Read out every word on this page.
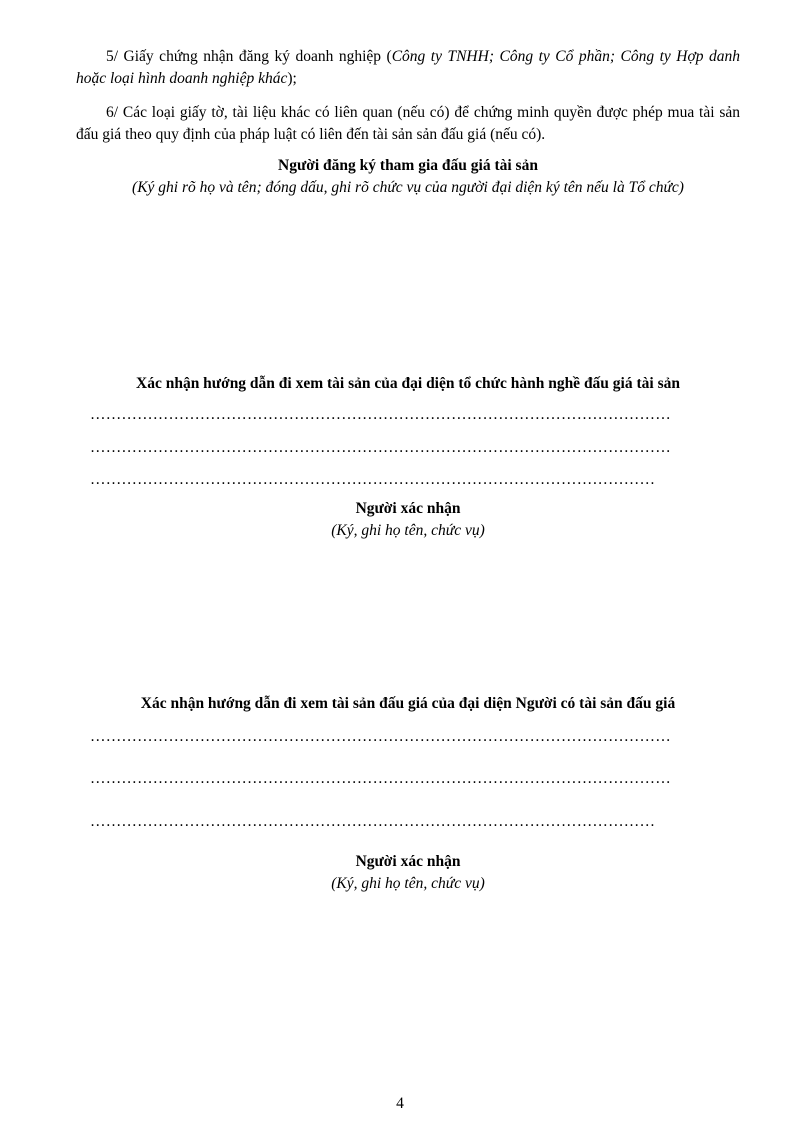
5/ Giấy chứng nhận đăng ký doanh nghiệp (Công ty TNHH; Công ty Cổ phần; Công ty Hợp danh hoặc loại hình doanh nghiệp khác);
6/ Các loại giấy tờ, tài liệu khác có liên quan (nếu có) để chứng minh quyền được phép mua tài sản đấu giá theo quy định của pháp luật có liên đến tài sản sản đấu giá (nếu có).
Người đăng ký tham gia đấu giá tài sản
(Ký ghi rõ họ và tên; đóng dấu, ghi rõ chức vụ của người đại diện ký tên nếu là Tổ chức)
Xác nhận hướng dẫn đi xem tài sản của đại diện tổ chức hành nghề đấu giá tài sản
…………………………………………………………………………………………………
…………………………………………………………………………………………………
………………………………………………………………………………………………
Người xác nhận
(Ký, ghi họ tên, chức vụ)
Xác nhận hướng dẫn đi xem tài sản đấu giá của đại diện Người có tài sản đấu giá
…………………………………………………………………………………………………
…………………………………………………………………………………………………
………………………………………………………………………………………………
Người xác nhận
(Ký, ghi họ tên, chức vụ)
4
